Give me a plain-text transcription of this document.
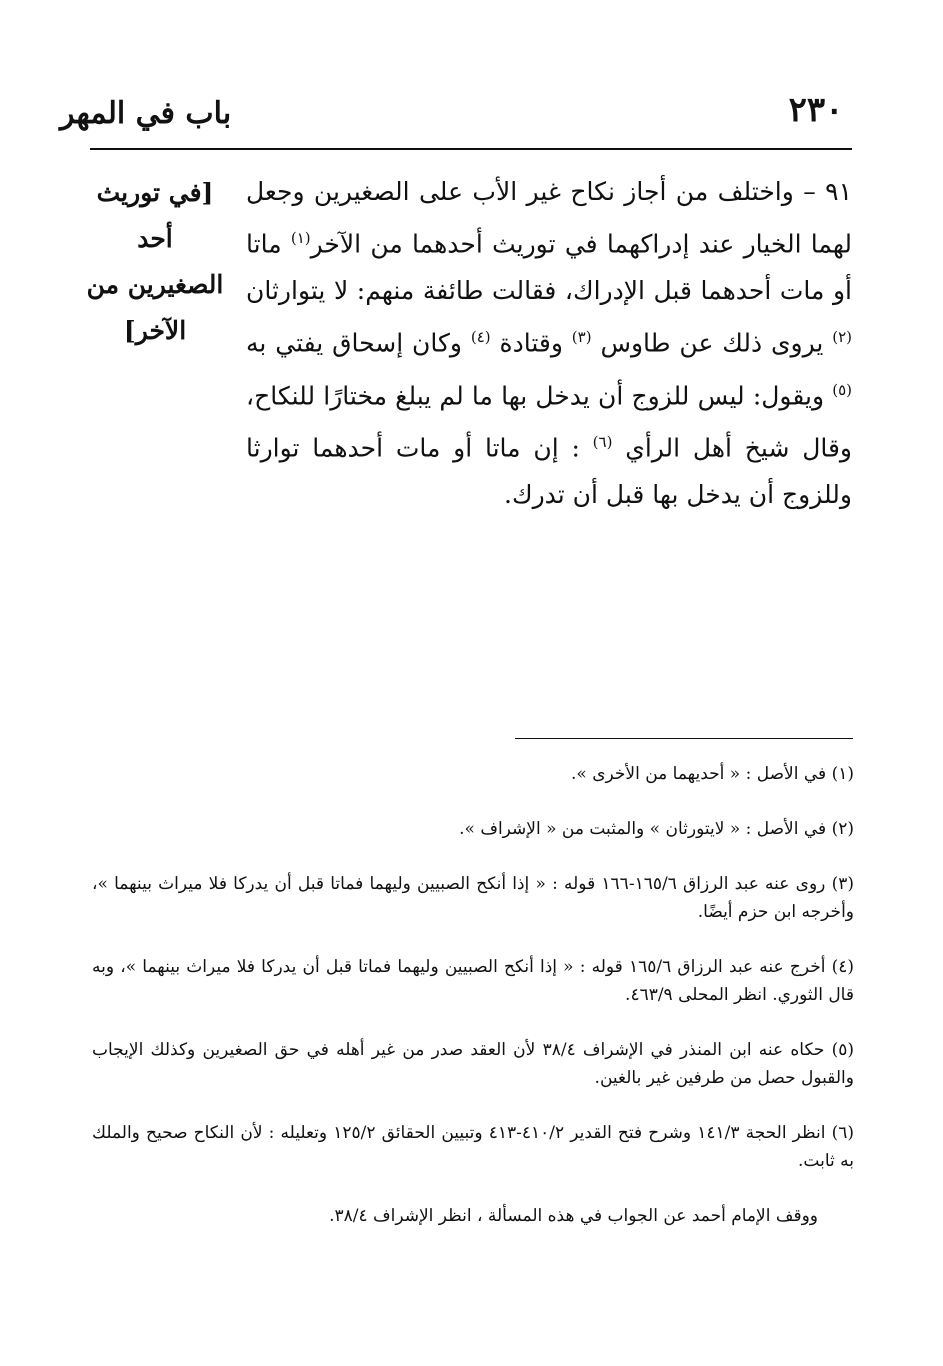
٢٣٠
باب في المهر
[في توريث
أحد
الصغيرين من
الآخر]

٩١ – واختلف من أجاز نكاح غير الأب على الصغيرين وجعل لهما الخيار عند إدراكهما في توريث أحدهما من الآخر$^{(١)}$ ماتا أو مات أحدهما قبل الإدراك، فقالت طائفة منهم: لا يتوارثان $^{(٢)}$ يروى ذلك عن طاوس $^{(٣)}$ وقتادة $^{(٤)}$ وكان إسحاق يفتي به $^{(٥)}$ ويقول: ليس للزوج أن يدخل بها ما لم يبلغ مختارًا للنكاح، وقال شيخ أهل الرأي $^{(٦)}$ : إن ماتا أو مات أحدهما توارثا وللزوج أن يدخل بها قبل أن تدرك.

(١) في الأصل : « أحديهما من الأخرى ».

(٢) في الأصل : « لايتورثان » والمثبت من « الإشراف ».

(٣) روى عنه عبد الرزاق ١٦٥/٦-١٦٦ قوله : « إذا أنكح الصبيين وليهما فماتا قبل أن يدركا فلا ميراث بينهما »، وأخرجه ابن حزم أيضًا.

(٤) أخرج عنه عبد الرزاق ١٦٥/٦ قوله : « إذا أنكح الصبيين وليهما فماتا قبل أن يدركا فلا ميراث بينهما »، وبه قال الثوري. انظر المحلى ٤٦٣/٩.

(٥) حكاه عنه ابن المنذر في الإشراف ٣٨/٤ لأن العقد صدر من غير أهله في حق الصغيرين وكذلك الإيجاب والقبول حصل من طرفين غير بالغين.

(٦) انظر الحجة ١٤١/٣ وشرح فتح القدير ٤١٠/٢-٤١٣ وتبيين الحقائق ١٢٥/٢ وتعليله : لأن النكاح صحيح والملك به ثابت.

ووقف الإمام أحمد عن الجواب في هذه المسألة ، انظر الإشراف ٣٨/٤.
